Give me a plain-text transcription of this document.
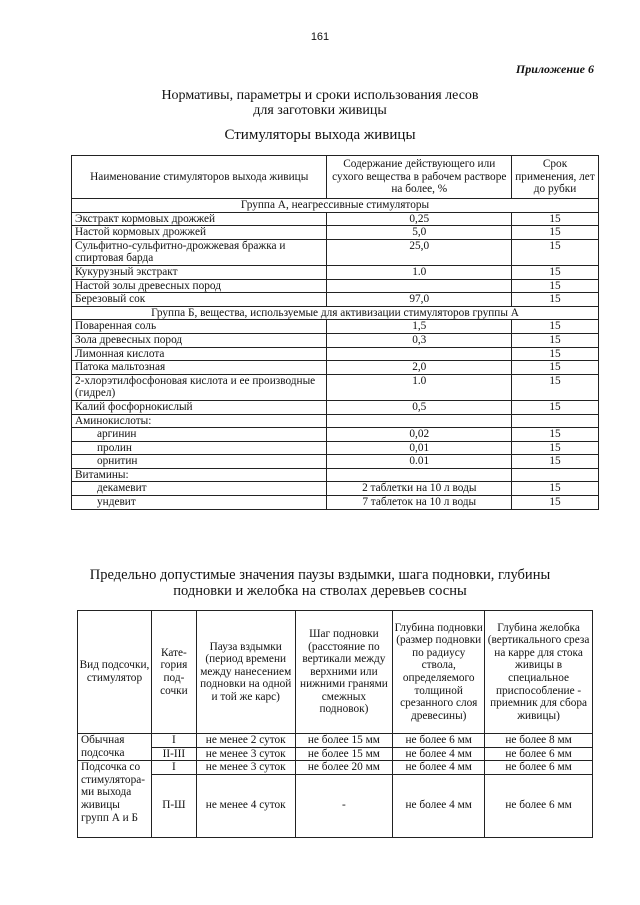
161
Приложение 6
Нормативы, параметры и сроки использования лесов
для заготовки живицы
Стимуляторы выхода живицы
Наименование стимуляторов выхода живицы	Содержание действующего или сухого вещества в рабочем растворе на более, %	Срок применения, лет до рубки
Группа А, неагрессивные стимуляторы		
Экстракт кормовых дрожжей	0,25	15
Настой кормовых дрожжей	5,0	15
Сульфитно-сульфитно-дрожжевая бражка и спиртовая барда	25,0	15
Кукурузный экстракт	1.0	15
Настой золы древесных пород		15
Березовый сок	97,0	15
Группа Б, вещества, используемые для активизации стимуляторов группы А		
Поваренная соль	1,5	15
Зола древесных пород	0,3	15
Лимонная кислота		15
Патока мальтозная	2,0	15
2-хлорэтилфосфоновая кислота и ее производные (гидрел)	1.0	15
Калий фосфорнокислый	0,5	15
Аминокислоты:		
аргинин	0,02	15
пролин	0,01	15
орнитин	0.01	15
Витамины:		
декамевит	2 таблетки на 10 л воды	15
ундевит	7 таблеток на 10 л воды	15
Предельно допустимые значения паузы вздымки, шага подновки, глубины
подновки и желобка на стволах деревьев сосны
Вид подсочки, стимулятор	Кате-гория под-сочки	Пауза вздымки (период времени между нанесением подновки на одной и той же карс)	Шаг подновки (расстояние по вертикали между верхними или нижними гранями смежных подновок)	Глубина подновки (размер подновки по радиусу ствола, определяемого толщиной срезанного слоя древесины)	Глубина желобка (вертикального среза на карре для стока живицы в специальное приспособление - приемник для сбора живицы)
Обычная подсочка	I	не менее 2 суток	не более 15 мм	не более 6 мм	не более 8 мм
	II-III	не менее 3 суток	не более 15 мм	не более 4 мм	не более 6 мм
Подсочка со стимулятора-ми выхода живицы групп А и Б	I	не менее 3 суток	не более 20 мм	не более 4 мм	не более 6 мм
	П-Ш	не менее 4 суток	-	не более 4 мм	не более 6 мм
